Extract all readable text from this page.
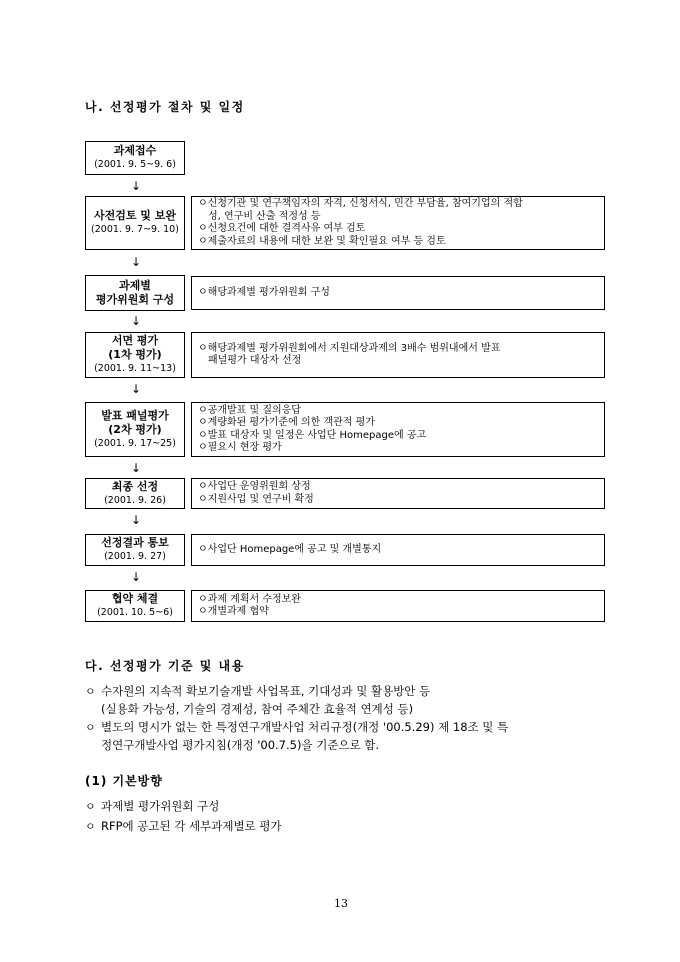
나. 선정평가 절차 및 일정
과제접수
(2001. 9. 5~9. 6)
↓
사전검토 및 보완
(2001. 9. 7~9. 10)
ㅇ신청기관 및 연구책임자의 자격, 신청서식, 민간 부담율, 참여기업의 적합
성, 연구비 산출 적정성 등
ㅇ신청요건에 대한 결격사유 여부 검토
ㅇ제출자료의 내용에 대한 보완 및 확인필요 여부 등 검토
↓
과제별
평가위원회 구성
ㅇ해당과제별 평가위원회 구성
↓
서면 평가
(1차 평가)
(2001. 9. 11~13)
ㅇ해당과제별 평가위원회에서 지원대상과제의 3배수 범위내에서 발표
패널평가 대상자 선정
↓
발표 패널평가
(2차 평가)
(2001. 9. 17~25)
ㅇ공개발표 및 질의응답
ㅇ계량화된 평가기준에 의한 객관적 평가
ㅇ발표 대상자 및 일정은 사업단 Homepage에 공고
ㅇ필요시 현장 평가
↓
최종 선정
(2001. 9. 26)
ㅇ사업단 운영위원회 상정
ㅇ지원사업 및 연구비 확정
↓
선정결과 통보
(2001. 9. 27)
ㅇ사업단 Homepage에 공고 및 개별통지
↓
협약 체결
(2001. 10. 5~6)
ㅇ과제 계획서 수정보완
ㅇ개별과제 협약
다. 선정평가 기준 및 내용
ㅇ 수자원의 지속적 확보기술개발 사업목표, 기대성과 및 활용방안 등
(실용화 가능성, 기술의 경제성, 참여 주체간 효율적 연계성 등)
ㅇ 별도의 명시가 없는 한 특정연구개발사업 처리규정(개정 '00.5.29) 제 18조 및 특
정연구개발사업 평가지침(개정 '00.7.5)을 기준으로 함.
(1) 기본방향
ㅇ 과제별 평가위원회 구성
ㅇ RFP에 공고된 각 세부과제별로 평가
13
